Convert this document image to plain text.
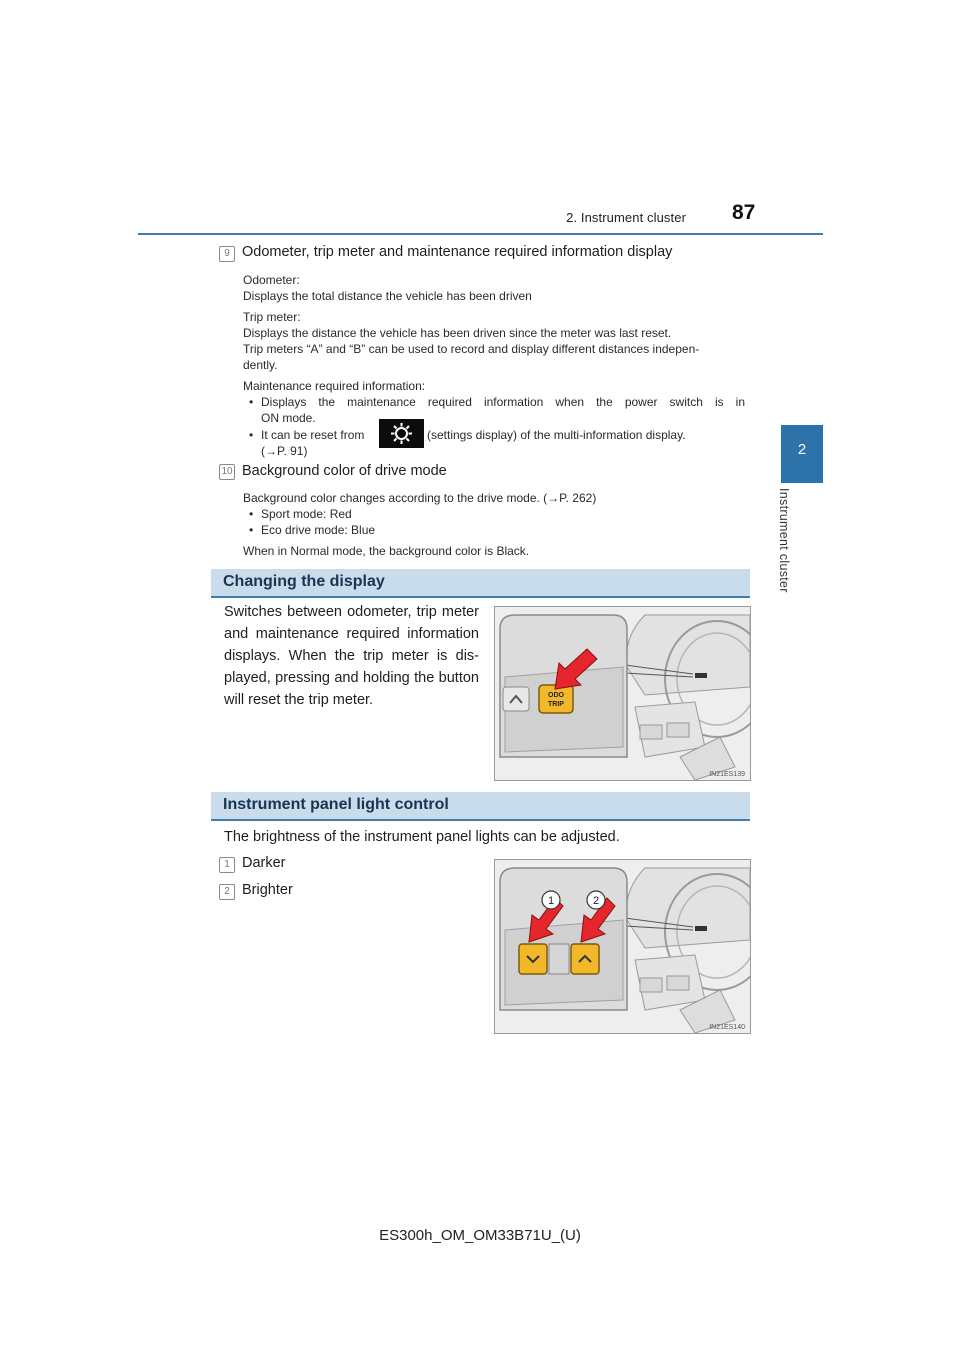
2. Instrument cluster 87
2
Instrument cluster
9 Odometer, trip meter and maintenance required information display
Odometer:
Displays the total distance the vehicle has been driven
Trip meter:
Displays the distance the vehicle has been driven since the meter was last reset.
Trip meters “A” and “B” can be used to record and display different distances indepen-
dently.
Maintenance required information:
• Displays the maintenance required information when the power switch is in
ON mode.
• It can be reset from	(settings display) of the multi-information display.
(→P. 91)
10 Background color of drive mode
Background color changes according to the drive mode. (→P. 262)
• Sport mode: Red
• Eco drive mode: Blue
When in Normal mode, the background color is Black.
Changing the display
Switches between odometer, trip meter
and maintenance required information
displays. When the trip meter is dis-
played, pressing and holding the button
will reset the trip meter.	ODO
TRIP
IN21ES139
Instrument panel light control
The brightness of the instrument panel lights can be adjusted.
1 Darker
2 Brighter
1	2
IN21ES140
ES300h_OM_OM33B71U_(U)
